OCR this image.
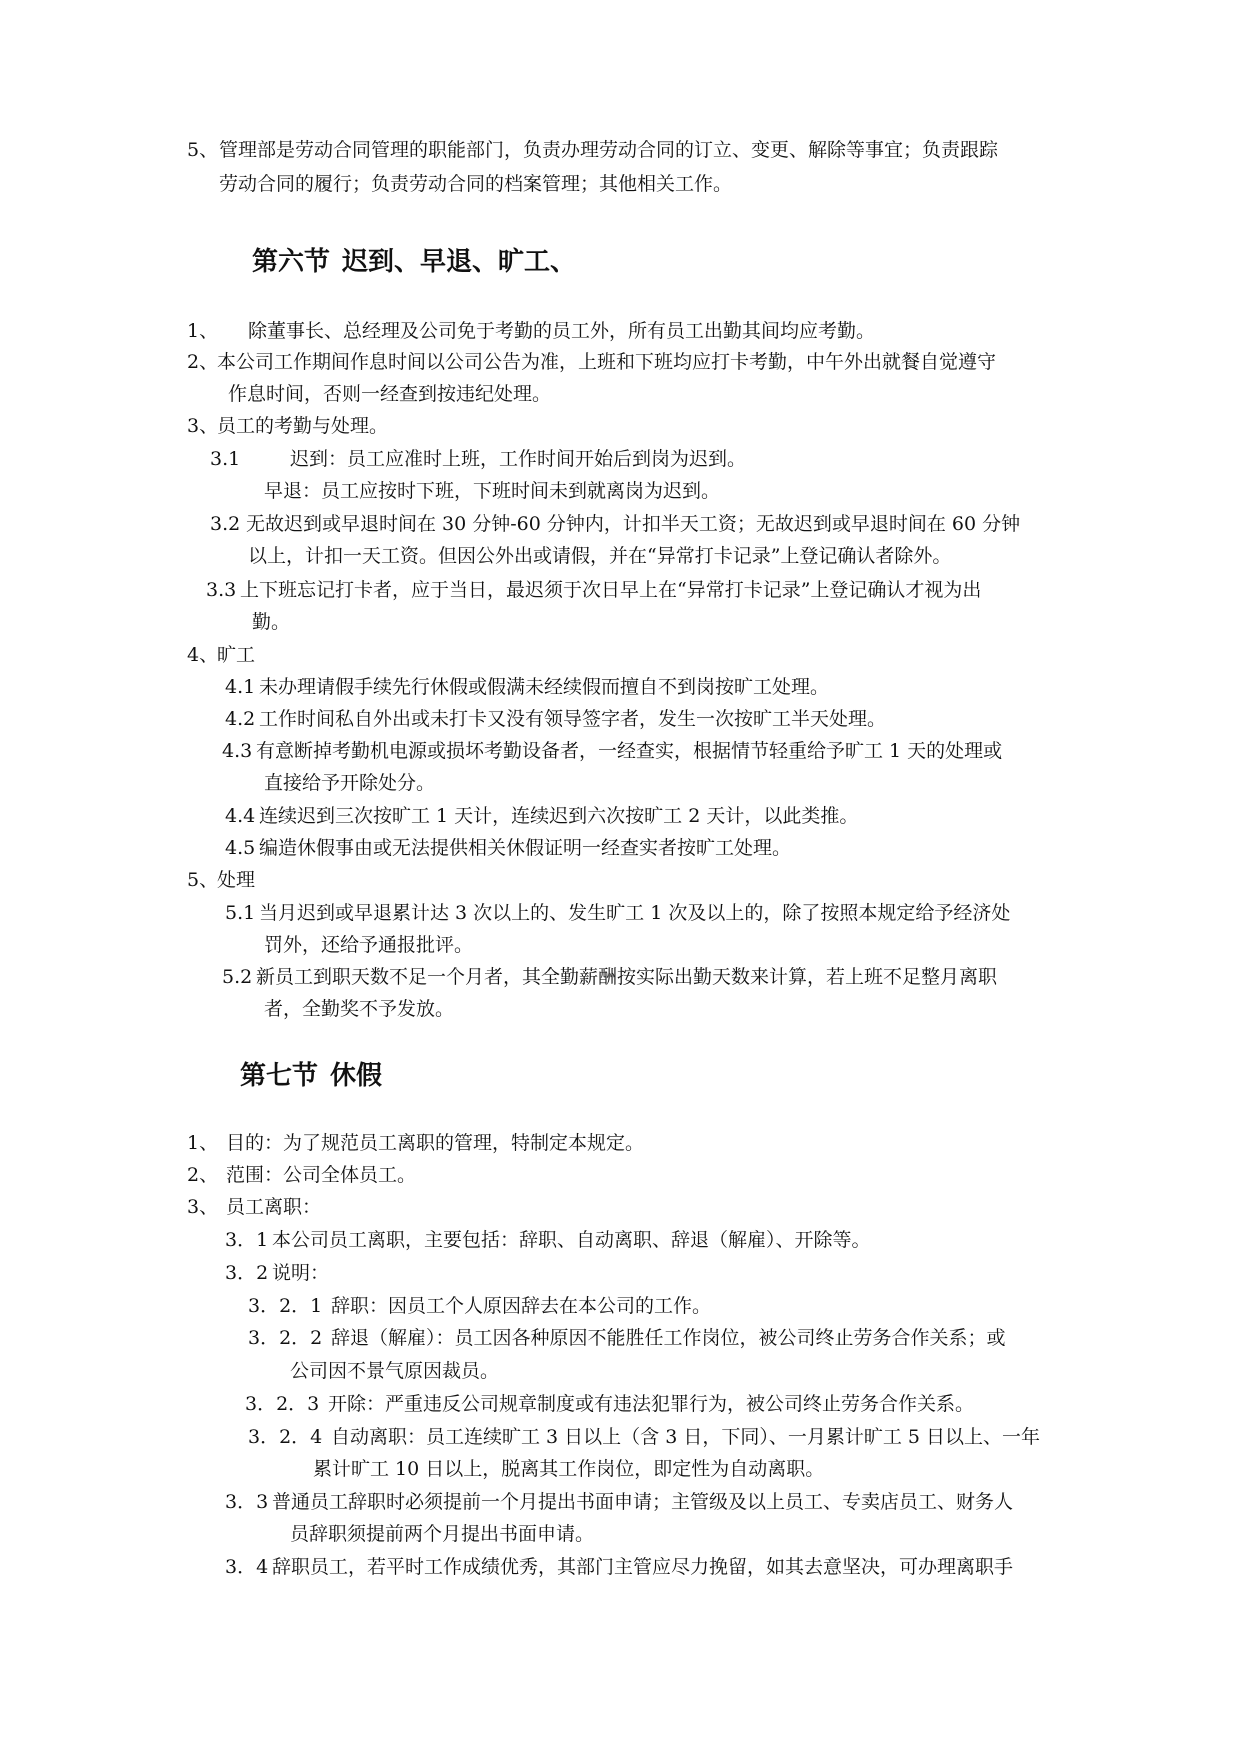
5、 管理部是劳动合同管理的职能部门，负责办理劳动合同的订立、变更、解除等事宜；负责跟踪
劳动合同的履行；负责劳动合同的档案管理；其他相关工作。
第六节 迟到、早退、旷工、
1、 除董事长、总经理及公司免于考勤的员工外，所有员工出勤其间均应考勤。
2、
本公司工作期间作息时间以公司公告为准，上班和下班均应打卡考勤，中午外出就餐自觉遵守
作息时间，否则一经查到按违纪处理。
3、
员工的考勤与处理。
3.1	迟到：员工应准时上班，工作时间开始后到岗为迟到。
早退：员工应按时下班，下班时间未到就离岗为迟到。
3.2 无故迟到或早退时间在 30 分钟-60 分钟内，计扣半天工资；无故迟到或早退时间在 60 分钟
以上，计扣一天工资。但因公外出或请假，并在“异常打卡记录”上登记确认者除外。
3.3 上下班忘记打卡者，应于当日，最迟须于次日早上在“异常打卡记录”上登记确认才视为出
勤。
4、
旷工
4.1 未办理请假手续先行休假或假满未经续假而擅自不到岗按旷工处理。
4.2 工作时间私自外出或未打卡又没有领导签字者，发生一次按旷工半天处理。
4.3 有意断掉考勤机电源或损坏考勤设备者，一经查实，根据情节轻重给予旷工 1 天的处理或
直接给予开除处分。
4.4 连续迟到三次按旷工 1 天计，连续迟到六次按旷工 2 天计，以此类推。
4.5 编造休假事由或无法提供相关休假证明一经查实者按旷工处理。
5、
处理
5.1 当月迟到或早退累计达 3 次以上的、发生旷工 1 次及以上的，除了按照本规定给予经济处
罚外，还给予通报批评。
5.2 新员工到职天数不足一个月者，其全勤薪酬按实际出勤天数来计算，若上班不足整月离职
者，全勤奖不予发放。
第七节 休假
1、 目的：为了规范员工离职的管理，特制定本规定。
2、 范围：公司全体员工。
3、 员工离职：
3．1 本公司员工离职，主要包括：辞职、自动离职、辞退（解雇）、开除等。
3．2 说明：
3．2．1 辞职：因员工个人原因辞去在本公司的工作。
3．2．2 辞退（解雇）：员工因各种原因不能胜任工作岗位，被公司终止劳务合作关系；或
公司因不景气原因裁员。
3．2．3 开除：严重违反公司规章制度或有违法犯罪行为，被公司终止劳务合作关系。
3．2．4 自动离职：员工连续旷工 3 日以上（含 3 日，下同）、一月累计旷工 5 日以上、一年
累计旷工 10 日以上，脱离其工作岗位，即定性为自动离职。
3．3 普通员工辞职时必须提前一个月提出书面申请；主管级及以上员工、专卖店员工、财务人
员辞职须提前两个月提出书面申请。
3．4 辞职员工，若平时工作成绩优秀，其部门主管应尽力挽留，如其去意坚决，可办理离职手
